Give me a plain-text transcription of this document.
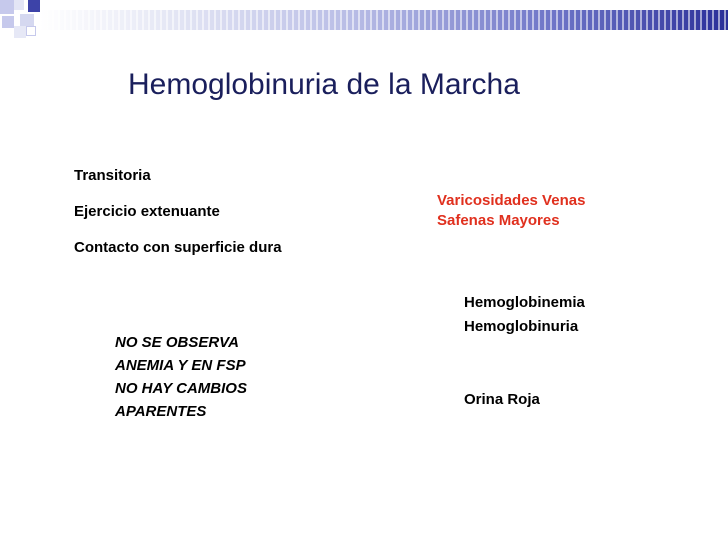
Hemoglobinuria de la Marcha
Transitoria
Ejercicio extenuante
Contacto con superficie dura
Varicosidades Venas
Safenas Mayores
Hemoglobinemia
Hemoglobinuria
Orina Roja
NO SE OBSERVA
ANEMIA Y EN FSP
NO HAY CAMBIOS
APARENTES
